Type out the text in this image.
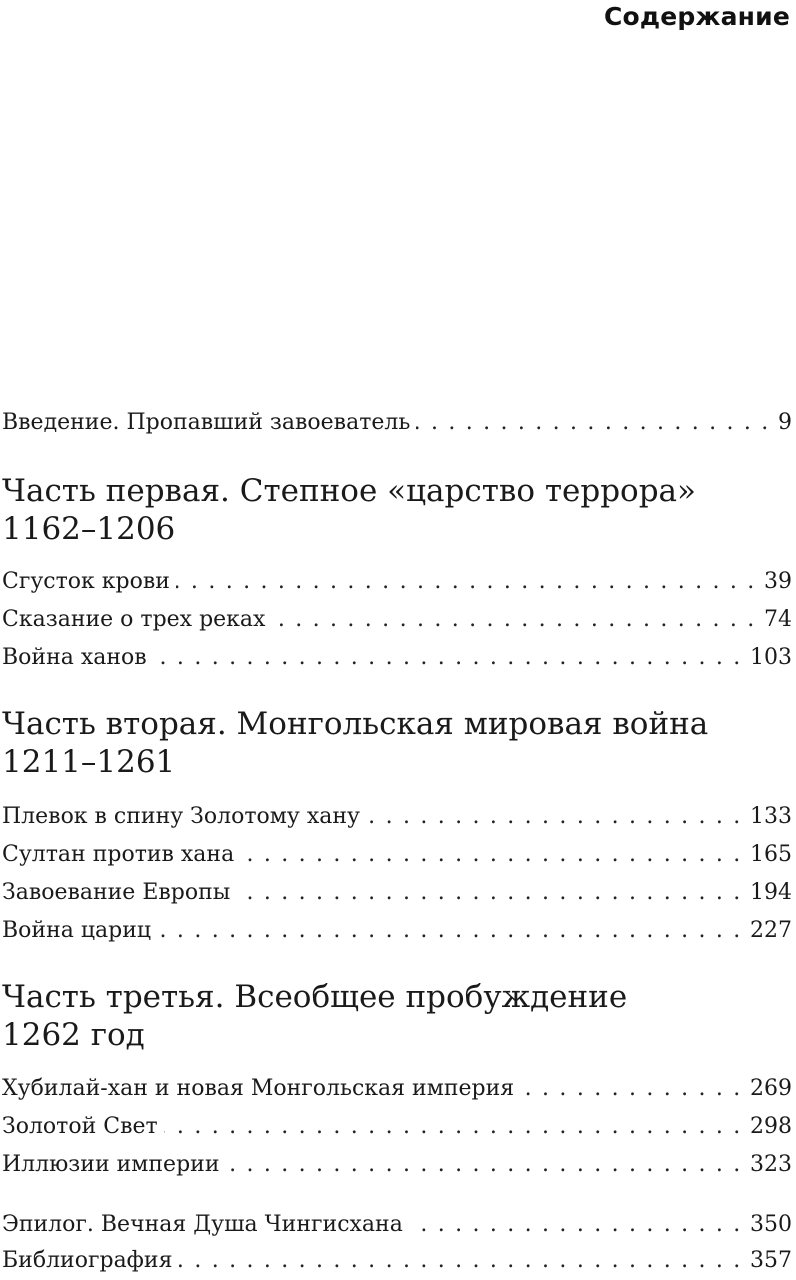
Содержание
Введение. Пропавший завоеватель . . .	9
Часть первая. Степное «царство террора»
1162–1206
Сгусток крови . . .	39
Сказание о трех реках . . .	74
Война ханов . . .	103
Часть вторая. Монгольская мировая война
1211–1261
Плевок в спину Золотому хану . . .	133
Султан против хана . . .	165
Завоевание Европы . . .	194
Война цариц . . .	227
Часть третья. Всеобщее пробуждение
1262 год
Хубилай-хан и новая Монгольская империя . . .	269
Золотой Свет . . .	298
Иллюзии империи . . .	323
Эпилог. Вечная Душа Чингисхана . . .	350
Библиография . . .	357
